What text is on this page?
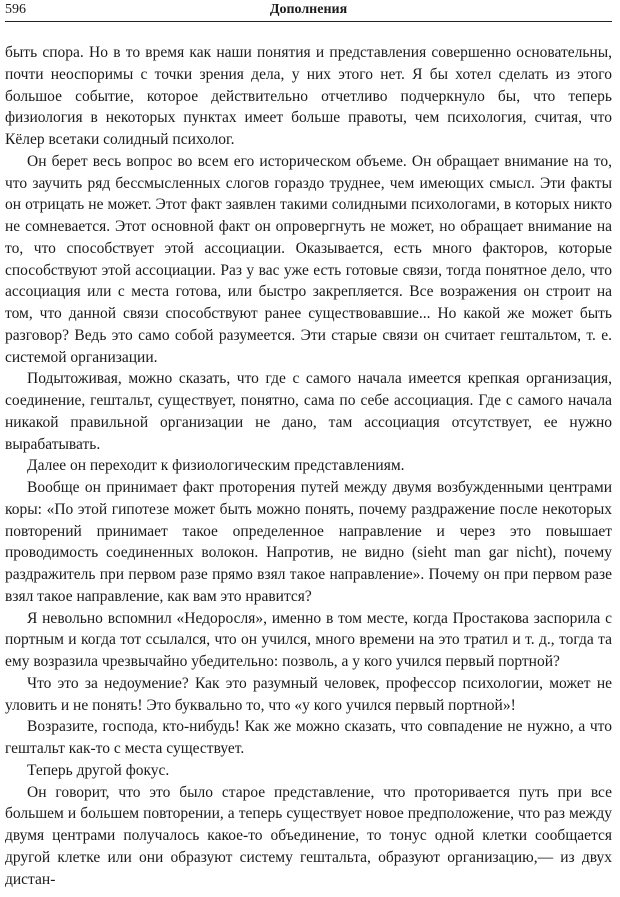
596	Дополнения

быть спора. Но в то время как наши понятия и представления совершенно основательны, почти неоспоримы с точки зрения дела, у них этого нет. Я бы хотел сделать из этого большое событие, которое действительно отчетливо подчеркнуло бы, что теперь физиология в некоторых пунктах имеет больше правоты, чем психология, считая, что Кёлер всетаки солидный психолог.

Он берет весь вопрос во всем его историческом объеме. Он обращает внимание на то, что заучить ряд бессмысленных слогов гораздо труднее, чем имеющих смысл. Эти факты он отрицать не может. Этот факт заявлен такими солидными психологами, в которых никто не сомневается. Этот основной факт он опровергнуть не может, но обращает внимание на то, что способствует этой ассоциации. Оказывается, есть много факторов, которые способствуют этой ассоциации. Раз у вас уже есть готовые связи, тогда понятное дело, что ассоциация или с места готова, или быстро закрепляется. Все возражения он строит на том, что данной связи способствуют ранее существовавшие... Но какой же может быть разговор? Ведь это само собой разумеется. Эти старые связи он считает гештальтом, т. е. системой организации.

Подытоживая, можно сказать, что где с самого начала имеется крепкая организация, соединение, гештальт, существует, понятно, сама по себе ассоциация. Где с самого начала никакой правильной организации не дано, там ассоциация отсутствует, ее нужно вырабатывать.

Далее он переходит к физиологическим представлениям.

Вообще он принимает факт проторения путей между двумя возбужденными центрами коры: «По этой гипотезе может быть можно понять, почему раздражение после некоторых повторений принимает такое определенное направление и через это повышает проводимость соединенных волокон. Напротив, не видно (sieht man gar nicht), почему раздражитель при первом разе прямо взял такое направление». Почему он при первом разе взял такое направление, как вам это нравится?

Я невольно вспомнил «Недоросля», именно в том месте, когда Простакова заспорила с портным и когда тот ссылался, что он учился, много времени на это тратил и т. д., тогда та ему возразила чрезвычайно убедительно: позволь, а у кого учился первый портной?

Что это за недоумение? Как это разумный человек, профессор психологии, может не уловить и не понять! Это буквально то, что «у кого учился первый портной»!

Возразите, господа, кто-нибудь! Как же можно сказать, что совпадение не нужно, а что гештальт как-то с места существует.

Теперь другой фокус.

Он говорит, что это было старое представление, что проторивается путь при все большем и большем повторении, а теперь существует новое предположение, что раз между двумя центрами получалось какое-то объединение, то тонус одной клетки сообщается другой клетке или они образуют систему гештальта, образуют организацию,— из двух дистан-
